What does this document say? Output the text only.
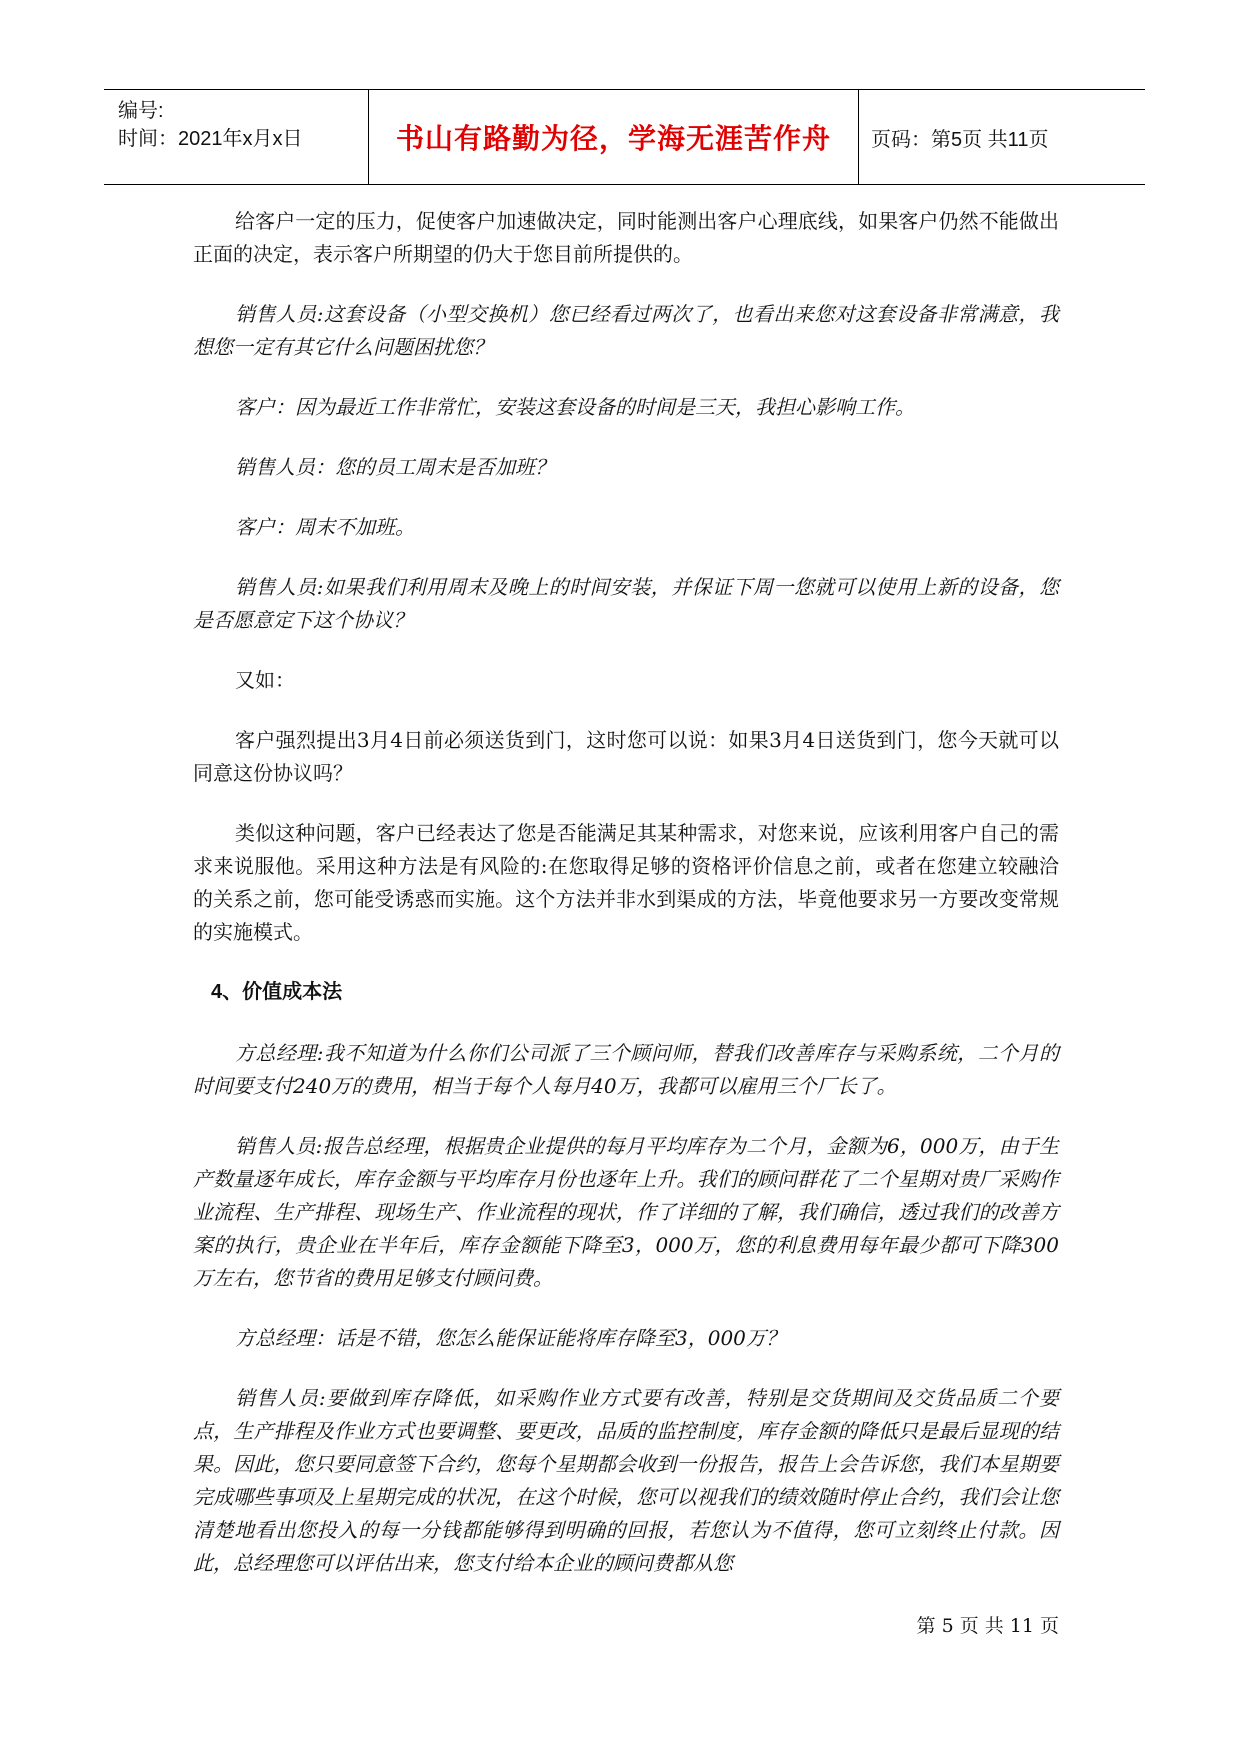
编号:
时间：2021年x月x日	书山有路勤为径，学海无涯苦作舟 页码：第5页 共11页

给客户一定的压力，促使客户加速做决定，同时能测出客户心理底线，如果客户仍然不能做出正面的决定，表示客户所期望的仍大于您目前所提供的。

销售人员:这套设备（小型交换机）您已经看过两次了，也看出来您对这套设备非常满意，我想您一定有其它什么问题困扰您？

客户：因为最近工作非常忙，安装这套设备的时间是三天，我担心影响工作。

销售人员：您的员工周末是否加班？

客户：周末不加班。

销售人员:如果我们利用周末及晚上的时间安装，并保证下周一您就可以使用上新的设备，您是否愿意定下这个协议？

又如：

客户强烈提出3月4日前必须送货到门，这时您可以说：如果3月4日送货到门，您今天就可以同意这份协议吗？

类似这种问题，客户已经表达了您是否能满足其某种需求，对您来说，应该利用客户自己的需求来说服他。采用这种方法是有风险的:在您取得足够的资格评价信息之前，或者在您建立较融洽的关系之前，您可能受诱惑而实施。这个方法并非水到渠成的方法，毕竟他要求另一方要改变常规的实施模式。

4、价值成本法

方总经理:我不知道为什么你们公司派了三个顾问师，替我们改善库存与采购系统，二个月的时间要支付240万的费用，相当于每个人每月40万，我都可以雇用三个厂长了。

销售人员:报告总经理，根据贵企业提供的每月平均库存为二个月，金额为6，000万，由于生产数量逐年成长，库存金额与平均库存月份也逐年上升。我们的顾问群花了二个星期对贵厂采购作业流程、生产排程、现场生产、作业流程的现状，作了详细的了解，我们确信，透过我们的改善方案的执行，贵企业在半年后，库存金额能下降至3，000万，您的利息费用每年最少都可下降300万左右，您节省的费用足够支付顾问费。

方总经理：话是不错，您怎么能保证能将库存降至3，000万？

销售人员:要做到库存降低，如采购作业方式要有改善，特别是交货期间及交货品质二个要点，生产排程及作业方式也要调整、要更改，品质的监控制度，库存金额的降低只是最后显现的结果。因此，您只要同意签下合约，您每个星期都会收到一份报告，报告上会告诉您，我们本星期要完成哪些事项及上星期完成的状况，在这个时候，您可以视我们的绩效随时停止合约，我们会让您清楚地看出您投入的每一分钱都能够得到明确的回报，若您认为不值得，您可立刻终止付款。因此，总经理您可以评估出来，您支付给本企业的顾问费都从您

第 5 页 共 11 页
